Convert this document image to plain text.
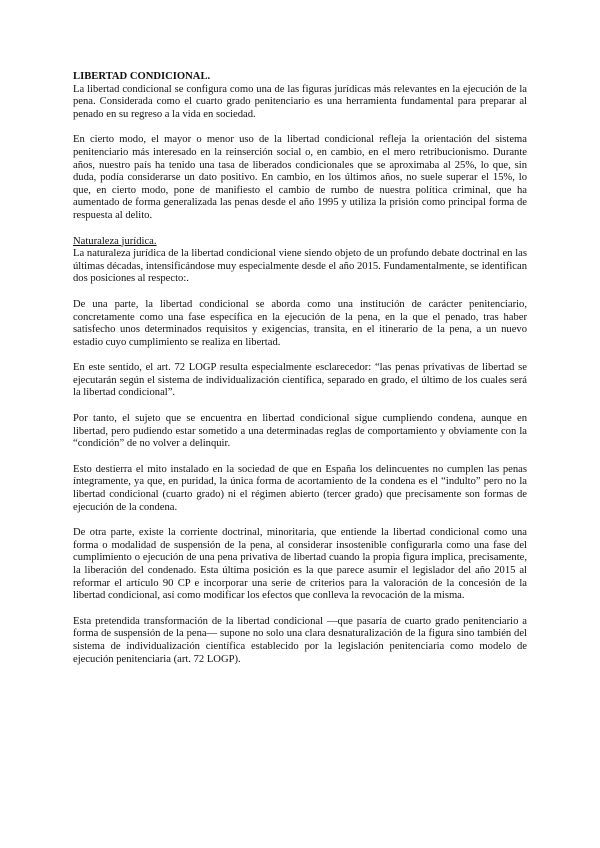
LIBERTAD CONDICIONAL.

La libertad condicional se configura como una de las figuras jurídicas más relevantes en la ejecución de la pena. Considerada como el cuarto grado penitenciario es una herramienta fundamental para preparar al penado en su regreso a la vida en sociedad.

En cierto modo, el mayor o menor uso de la libertad condicional refleja la orientación del sistema penitenciario más interesado en la reinserción social o, en cambio, en el mero retribucionismo. Durante años, nuestro país ha tenido una tasa de liberados condicionales que se aproximaba al 25%, lo que, sin duda, podía considerarse un dato positivo. En cambio, en los últimos años, no suele superar el 15%, lo que, en cierto modo, pone de manifiesto el cambio de rumbo de nuestra política criminal, que ha aumentado de forma generalizada las penas desde el año 1995 y utiliza la prisión como principal forma de respuesta al delito.

Naturaleza jurídica.

La naturaleza jurídica de la libertad condicional viene siendo objeto de un profundo debate doctrinal en las últimas décadas, intensificándose muy especialmente desde el año 2015. Fundamentalmente, se identifican dos posiciones al respecto:.

De una parte, la libertad condicional se aborda como una institución de carácter penitenciario, concretamente como una fase específica en la ejecución de la pena, en la que el penado, tras haber satisfecho unos determinados requisitos y exigencias, transita, en el itinerario de la pena, a un nuevo estadio cuyo cumplimiento se realiza en libertad.

En este sentido, el art. 72 LOGP resulta especialmente esclarecedor: “las penas privativas de libertad se ejecutarán según el sistema de individualización científica, separado en grado, el último de los cuales será la libertad condicional”.

Por tanto, el sujeto que se encuentra en libertad condicional sigue cumpliendo condena, aunque en libertad, pero pudiendo estar sometido a una determinadas reglas de comportamiento y obviamente con la “condición” de no volver a delinquir.

Esto destierra el mito instalado en la sociedad de que en España los delincuentes no cumplen las penas íntegramente, ya que, en puridad, la única forma de acortamiento de la condena es el “indulto” pero no la libertad condicional (cuarto grado) ni el régimen abierto (tercer grado) que precisamente son formas de ejecución de la condena.

De otra parte, existe la corriente doctrinal, minoritaria, que entiende la libertad condicional como una forma o modalidad de suspensión de la pena, al considerar insostenible configurarla como una fase del cumplimiento o ejecución de una pena privativa de libertad cuando la propia figura implica, precisamente, la liberación del condenado. Esta última posición es la que parece asumir el legislador del año 2015 al reformar el artículo 90 CP e incorporar una serie de criterios para la valoración de la concesión de la libertad condicional, así como modificar los efectos que conlleva la revocación de la misma.

Esta pretendida transformación de la libertad condicional —que pasaría de cuarto grado penitenciario a forma de suspensión de la pena— supone no solo una clara desnaturalización de la figura sino también del sistema de individualización científica establecido por la legislación penitenciaria como modelo de ejecución penitenciaria (art. 72 LOGP).
